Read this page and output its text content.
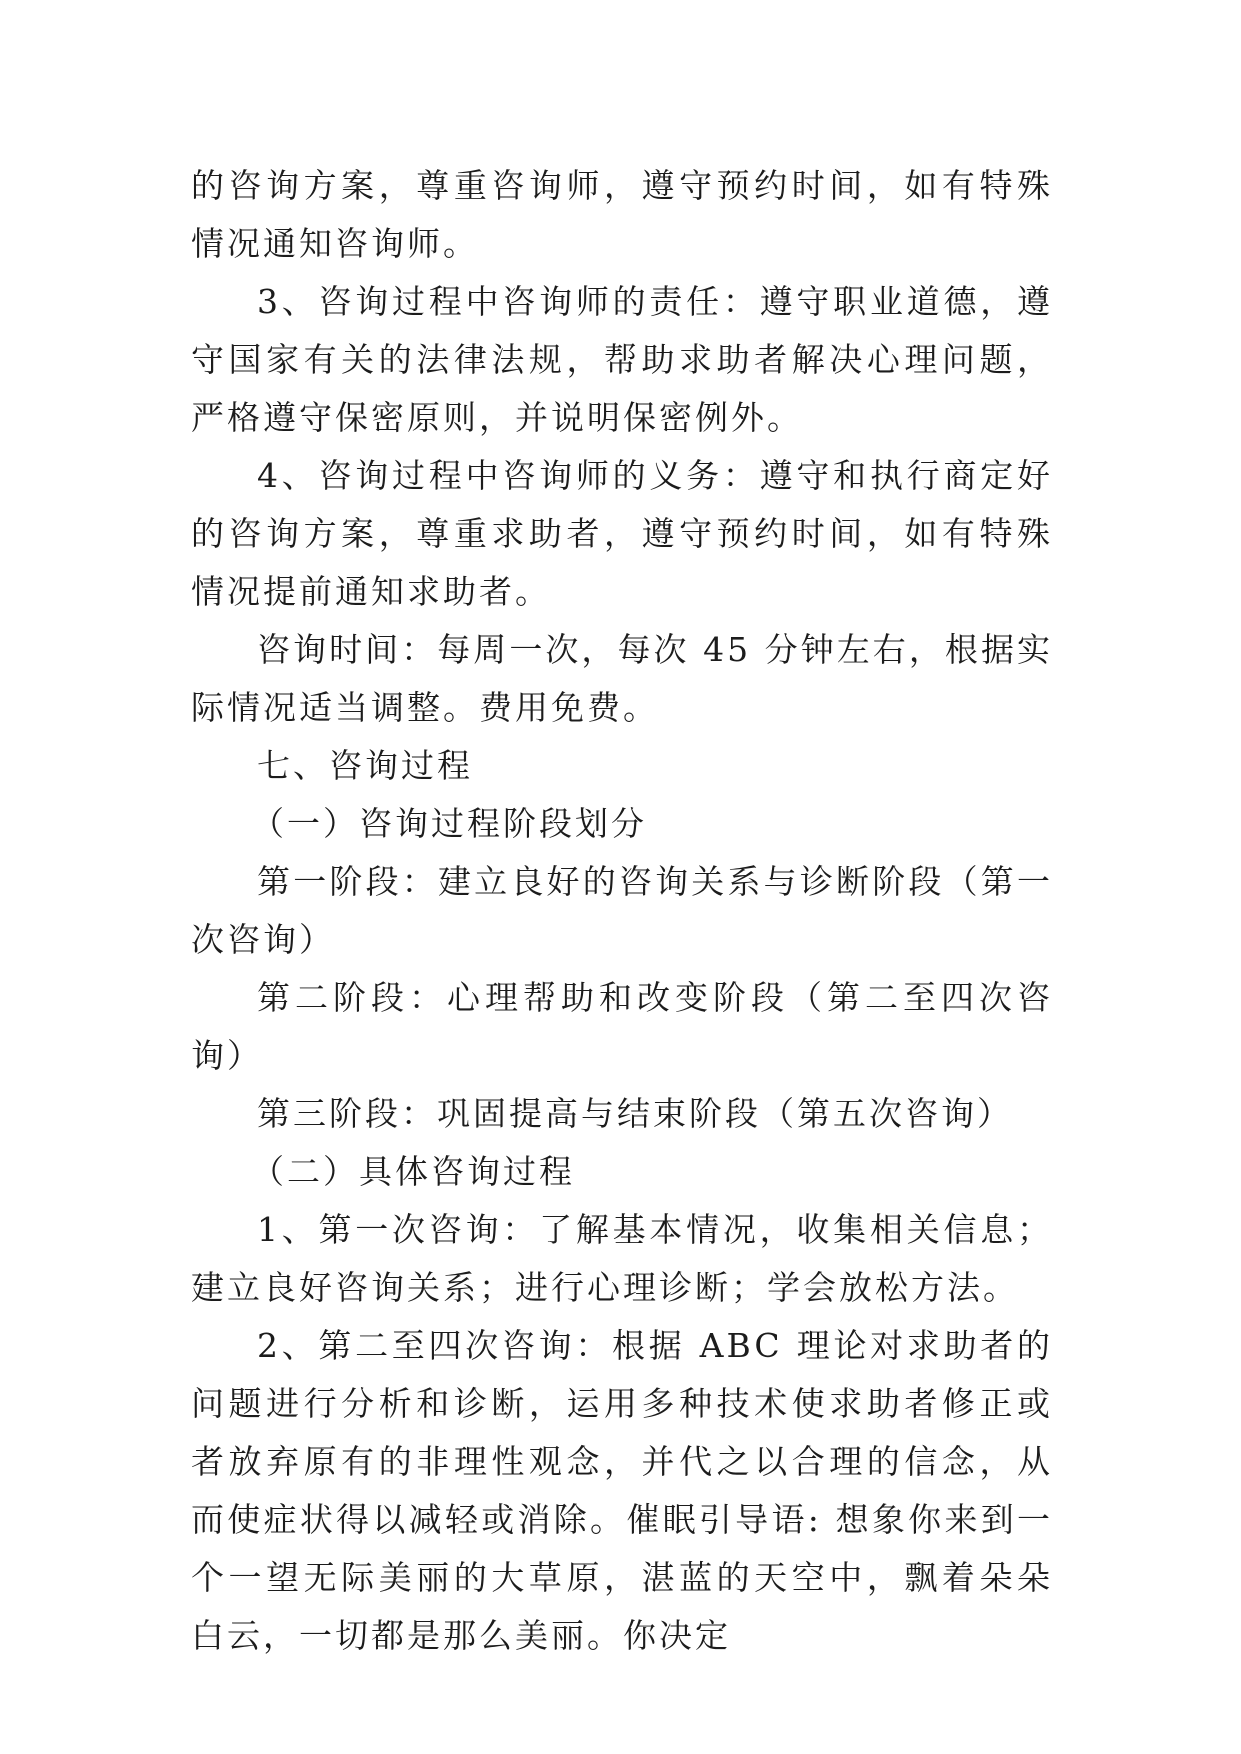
的咨询方案，尊重咨询师，遵守预约时间，如有特殊情况通知咨询师。

3、咨询过程中咨询师的责任：遵守职业道德，遵守国家有关的法律法规，帮助求助者解决心理问题，严格遵守保密原则，并说明保密例外。

4、咨询过程中咨询师的义务：遵守和执行商定好的咨询方案，尊重求助者，遵守预约时间，如有特殊情况提前通知求助者。

咨询时间：每周一次，每次 45 分钟左右，根据实际情况适当调整。费用免费。

七、咨询过程

（一）咨询过程阶段划分

第一阶段：建立良好的咨询关系与诊断阶段（第一次咨询）

第二阶段：心理帮助和改变阶段（第二至四次咨询）

第三阶段：巩固提高与结束阶段（第五次咨询）

（二）具体咨询过程

1、第一次咨询：了解基本情况，收集相关信息；建立良好咨询关系；进行心理诊断；学会放松方法。

2、第二至四次咨询：根据 ABC 理论对求助者的问题进行分析和诊断，运用多种技术使求助者修正或者放弃原有的非理性观念，并代之以合理的信念，从而使症状得以减轻或消除。催眠引导语: 想象你来到一个一望无际美丽的大草原，湛蓝的天空中，飘着朵朵白云，一切都是那么美丽。你决定
